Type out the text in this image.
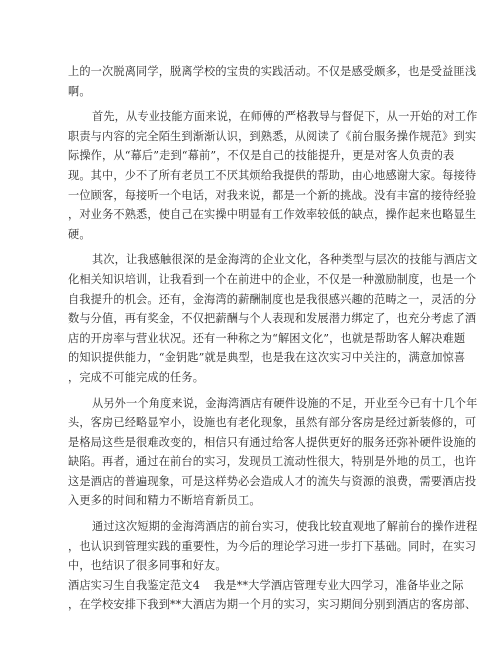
上的一次脱离同学，脱离学校的宝贵的实践活动。不仅是感受颇多，也是受益匪浅
啊。
首先，从专业技能方面来说，在师傅的严格教导与督促下，从一开始的对工作
职责与内容的完全陌生到渐渐认识，到熟悉，从阅读了《前台服务操作规范》到实
际操作，从“幕后”走到“幕前”，不仅是自己的技能提升，更是对客人负责的表
现。其中，少不了所有老员工不厌其烦给我提供的帮助，由心地感谢大家。每接待
一位顾客，每接听一个电话，对我来说，都是一个新的挑战。没有丰富的接待经验
，对业务不熟悉，使自己在实操中明显有工作效率较低的缺点，操作起来也略显生
硬。
其次，让我感触很深的是金海湾的企业文化，各种类型与层次的技能与酒店文
化相关知识培训，让我看到一个在前进中的企业，不仅是一种激励制度，也是一个
自我提升的机会。还有，金海湾的薪酬制度也是我很感兴趣的范畴之一，灵活的分
数与分值，再有奖金，不仅把薪酬与个人表现和发展潜力绑定了，也充分考虑了酒
店的开房率与营业状况。还有一种称之为“解困文化”，也就是帮助客人解决难题
的知识提供能力，“金钥匙”就是典型，也是我在这次实习中关注的，满意加惊喜
，完成不可能完成的任务。
从另外一个角度来说，金海湾酒店有硬件设施的不足，开业至今已有十几个年
头，客房已经略显窄小，设施也有老化现象，虽然有部分客房是经过新装修的，可
是格局这些是很难改变的，相信只有通过给客人提供更好的服务还弥补硬件设施的
缺陷。再者，通过在前台的实习，发现员工流动性很大，特别是外地的员工，也许
这是酒店的普遍现象，可是这样势必会造成人才的流失与资源的浪费，需要酒店投
入更多的时间和精力不断培育新员工。
通过这次短期的金海湾酒店的前台实习，使我比较直观地了解前台的操作进程
，也认识到管理实践的重要性，为今后的理论学习进一步打下基础。同时，在实习
中，也结识了很多同事和好友。
酒店实习生自我鉴定范文4 我是**大学酒店管理专业大四学习，准备毕业之际
，在学校安排下我到**大酒店为期一个月的实习，实习期间分别到酒店的客房部、
